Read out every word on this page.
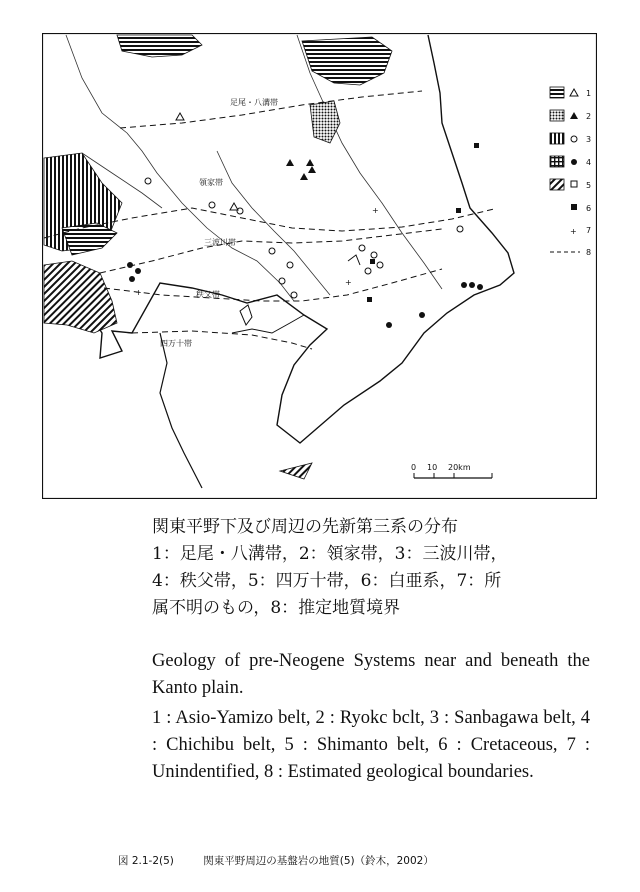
+
+
+
足尾・八溝帯
領家帯
三波川帯
秩父帯
四万十帯
1
2
3
4
5
6
+ 7
8
0 10 20km
関東平野下及び周辺の先新第三系の分布
1：足尾・八溝帯，2：領家帯，3：三波川帯，
4：秩父帯，5：四万十帯，6：白亜系，7：所
属不明のもの，8：推定地質境界
Geology of pre-Neogene Systems near and beneath the Kanto plain.
1 : Asio-Yamizo belt, 2 : Ryokc bclt, 3 : Sanbagawa belt, 4 : Chichibu belt, 5 : Shimanto belt, 6 : Cretaceous, 7 : Unindentified, 8 : Estimated geological boundaries.
図 2.1-2(5)	関東平野周辺の基盤岩の地質(5)（鈴木，2002）
